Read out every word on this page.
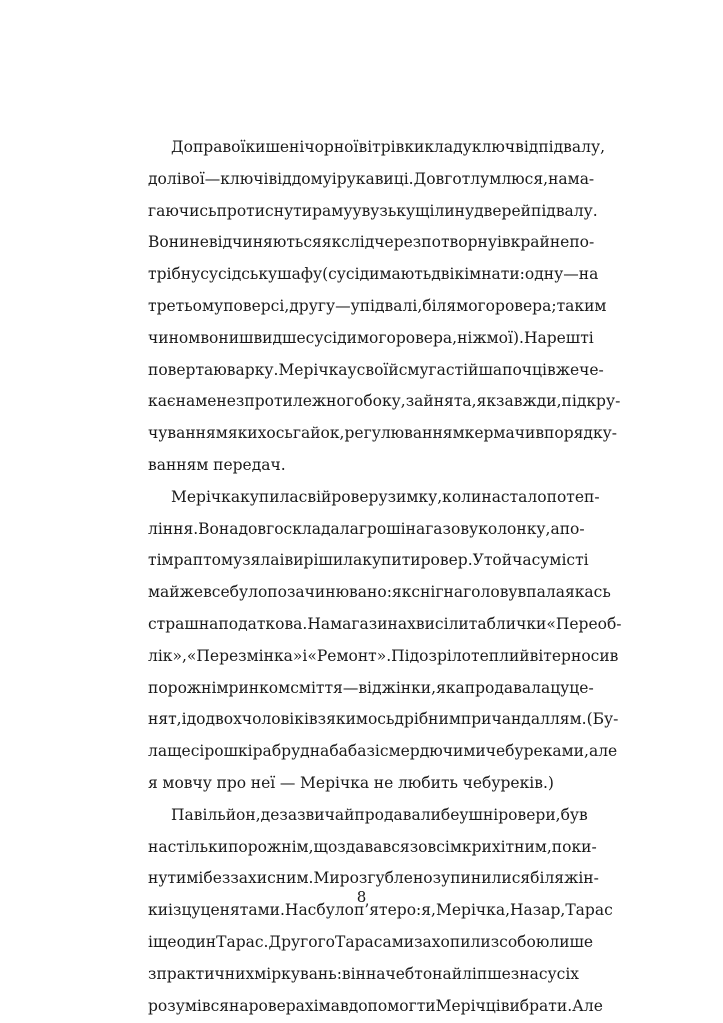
До правої кишені чорної вітрівки кладу ключ від підвалу,
до лівої — ключі від дому і рукавиці. Довго тлумлюся, нама-
гаючись протиснути раму у вузьку щілину дверей підвалу.
Вони не відчиняються як слід через потворну і вкрай непо-
трібну сусідську шафу (сусіди мають дві кімнати: одну — на
третьому поверсі, другу — у підвалі, біля мого ровера; таким
чином вони швидше сусіди мого ровера, ніж мої). Нарешті
повертаю в арку. Мерічка у своїй смугастій шапочці вже че-
кає на мене з протилежного боку, зайнята, як завжди, підкру-
чуванням якихось гайок, регулюванням керма чи впорядку-
ванням передач.
Мерічка купила свій ровер узимку, коли настало потеп-
ління. Вона довго складала гроші на газову колонку, а по-
тім раптом узяла і вирішила купити ровер. У той час у місті
майже все було позачинювано: як сніг на голову впала якась
страшна податкова. На магазинах висіли таблички «Переоб-
лік», «Перезмінка» і «Ремонт». Підозріло теплий вітер носив
порожнім ринком сміття — від жінки, яка продавала цуце-
нят, і до двох чоловіків з якимось дрібним причандаллям. (Бу-
ла ще сірошкіра брудна баба зі смердючими чебуреками, але
я мовчу про неї — Мерічка не любить чебуреків.)
Павільйон, де зазвичай продавали беушні ровери, був
настільки порожнім, що здавався зовсім крихітним, поки-
нутим і беззахисним. Ми розгублено зупинилися біля жін-
ки із цуценятами. Нас було п’ятеро: я, Мерічка, Назар, Тарас
і ще один Тарас. Другого Тараса ми захопили з собою лише
з практичних міркувань: він начебто найліпше з нас усіх
розумівся на роверах і мав допомогти Мерічці вибрати. Але
8
